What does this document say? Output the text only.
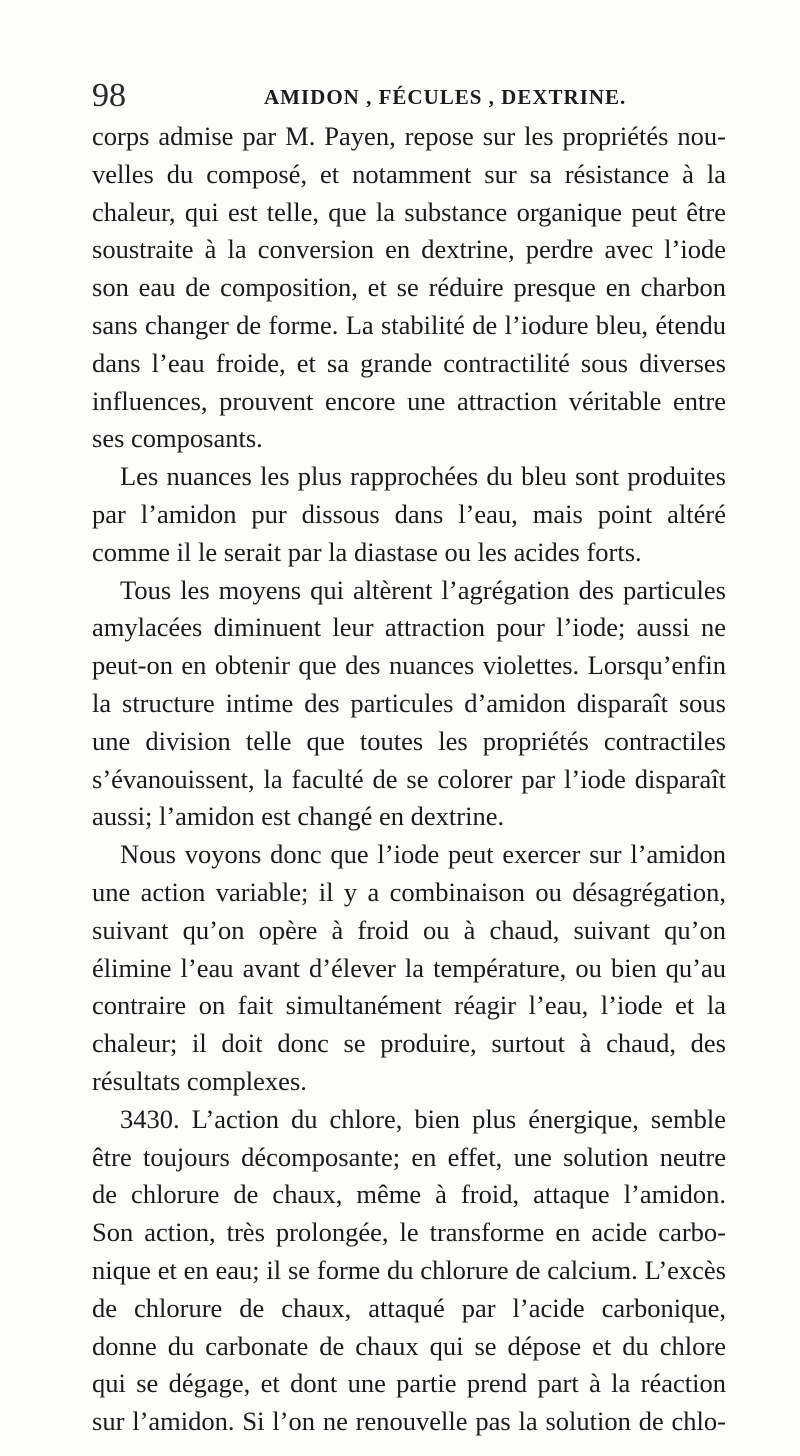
98	AMIDON , FÉCULES , DEXTRINE.
corps admise par M. Payen, repose sur les propriétés nou-
velles du composé, et notamment sur sa résistance à la
chaleur, qui est telle, que la substance organique peut être
soustraite à la conversion en dextrine, perdre avec l’iode
son eau de composition, et se réduire presque en charbon
sans changer de forme. La stabilité de l’iodure bleu, étendu
dans l’eau froide, et sa grande contractilité sous diverses
influences, prouvent encore une attraction véritable entre
ses composants.
Les nuances les plus rapprochées du bleu sont produites
par l’amidon pur dissous dans l’eau, mais point altéré
comme il le serait par la diastase ou les acides forts.
Tous les moyens qui altèrent l’agrégation des particules
amylacées diminuent leur attraction pour l’iode; aussi ne
peut-on en obtenir que des nuances violettes. Lorsqu’enfin
la structure intime des particules d’amidon disparaît sous
une division telle que toutes les propriétés contractiles
s’évanouissent, la faculté de se colorer par l’iode disparaît
aussi; l’amidon est changé en dextrine.
Nous voyons donc que l’iode peut exercer sur l’amidon
une action variable; il y a combinaison ou désagrégation,
suivant qu’on opère à froid ou à chaud, suivant qu’on
élimine l’eau avant d’élever la température, ou bien qu’au
contraire on fait simultanément réagir l’eau, l’iode et la
chaleur; il doit donc se produire, surtout à chaud, des
résultats complexes.
3430. L’action du chlore, bien plus énergique, semble
être toujours décomposante; en effet, une solution neutre
de chlorure de chaux, même à froid, attaque l’amidon.
Son action, très prolongée, le transforme en acide carbo-
nique et en eau; il se forme du chlorure de calcium. L’excès
de chlorure de chaux, attaqué par l’acide carbonique,
donne du carbonate de chaux qui se dépose et du chlore
qui se dégage, et dont une partie prend part à la réaction
sur l’amidon. Si l’on ne renouvelle pas la solution de chlo-
